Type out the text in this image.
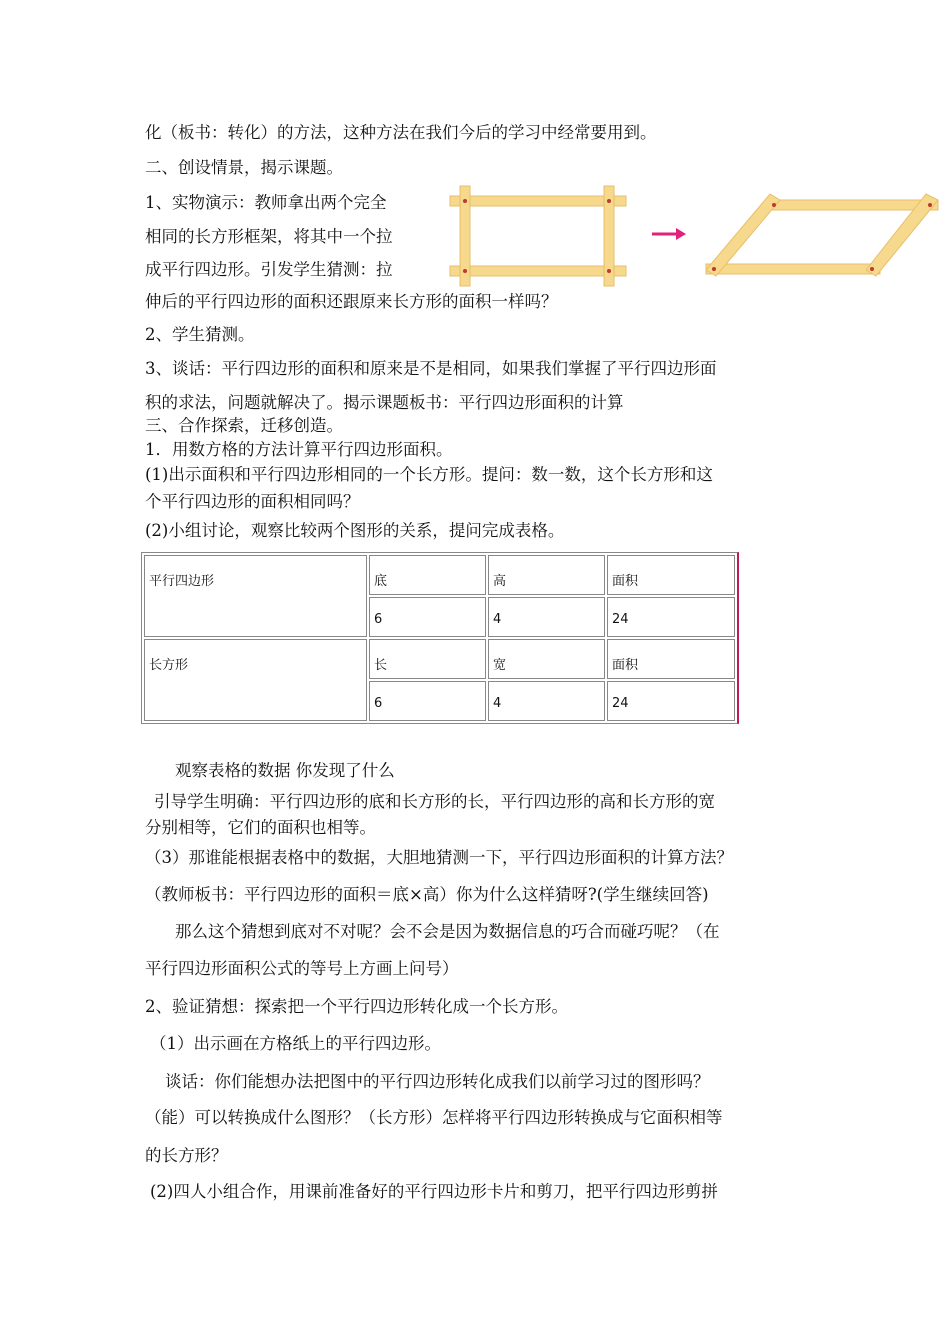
化（板书：转化）的方法，这种方法在我们今后的学习中经常要用到。
二、创设情景，揭示课题。
1、实物演示：教师拿出两个完全
相同的长方形框架，将其中一个拉
成平行四边形。引发学生猜测：拉
伸后的平行四边形的面积还跟原来长方形的面积一样吗？
2、学生猜测。
3、谈话：平行四边形的面积和原来是不是相同，如果我们掌握了平行四边形面
积的求法，问题就解决了。揭示课题板书：平行四边形面积的计算
三、合作探索，迁移创造。
1．用数方格的方法计算平行四边形面积。
(1)出示面积和平行四边形相同的一个长方形。提问：数一数，这个长方形和这
个平行四边形的面积相同吗？
(2)小组讨论，观察比较两个图形的关系，提问完成表格。
平行四边形	底	高	面积
	6	4	24
长方形	长	宽	面积
	6	4	24
观察表格的数据 你发现了什么
引导学生明确：平行四边形的底和长方形的长，平行四边形的高和长方形的宽
分别相等，它们的面积也相等。
（3）那谁能根据表格中的数据，大胆地猜测一下，平行四边形面积的计算方法？
（教师板书：平行四边形的面积＝底×高）你为什么这样猜呀?(学生继续回答)
那么这个猜想到底对不对呢？会不会是因为数据信息的巧合而碰巧呢？（在
平行四边形面积公式的等号上方画上问号）
2、验证猜想：探索把一个平行四边形转化成一个长方形。
（1）出示画在方格纸上的平行四边形。
谈话：你们能想办法把图中的平行四边形转化成我们以前学习过的图形吗？
（能）可以转换成什么图形？（长方形）怎样将平行四边形转换成与它面积相等
的长方形？
(2)四人小组合作，用课前准备好的平行四边形卡片和剪刀，把平行四边形剪拼
